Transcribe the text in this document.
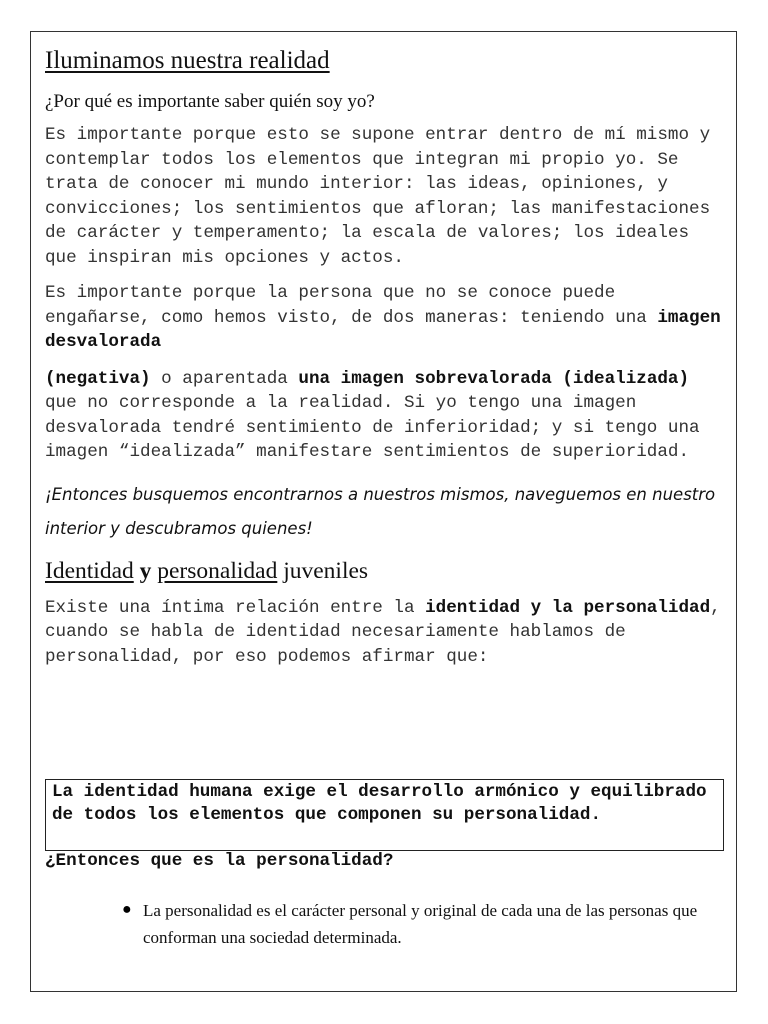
Iluminamos nuestra realidad

¿Por qué es importante saber quién soy yo?

Es importante porque esto se supone entrar dentro de mí mismo y contemplar todos los elementos que integran mi propio yo. Se trata de conocer mi mundo interior: las ideas, opiniones, y convicciones; los sentimientos que afloran; las manifestaciones de carácter y temperamento; la escala de valores; los ideales que inspiran mis opciones y actos.

Es importante porque la persona que no se conoce puede engañarse, como hemos visto, de dos maneras: teniendo una imagen desvalorada

(negativa) o aparentada una imagen sobrevalorada (idealizada) que no corresponde a la realidad. Si yo tengo una imagen desvalorada tendré sentimiento de inferioridad; y si tengo una imagen “idealizada” manifestare sentimientos de superioridad.

¡Entonces busquemos encontrarnos a nuestros mismos, naveguemos en nuestro interior y descubramos quienes!

Identidad y personalidad juveniles

Existe una íntima relación entre la identidad y la personalidad, cuando se habla de identidad necesariamente hablamos de personalidad, por eso podemos afirmar que:

La identidad humana exige el desarrollo armónico y equilibrado de todos los elementos que componen su personalidad.

¿Entonces que es la personalidad?

● La personalidad es el carácter personal y original de cada una de las personas que conforman una sociedad determinada.
